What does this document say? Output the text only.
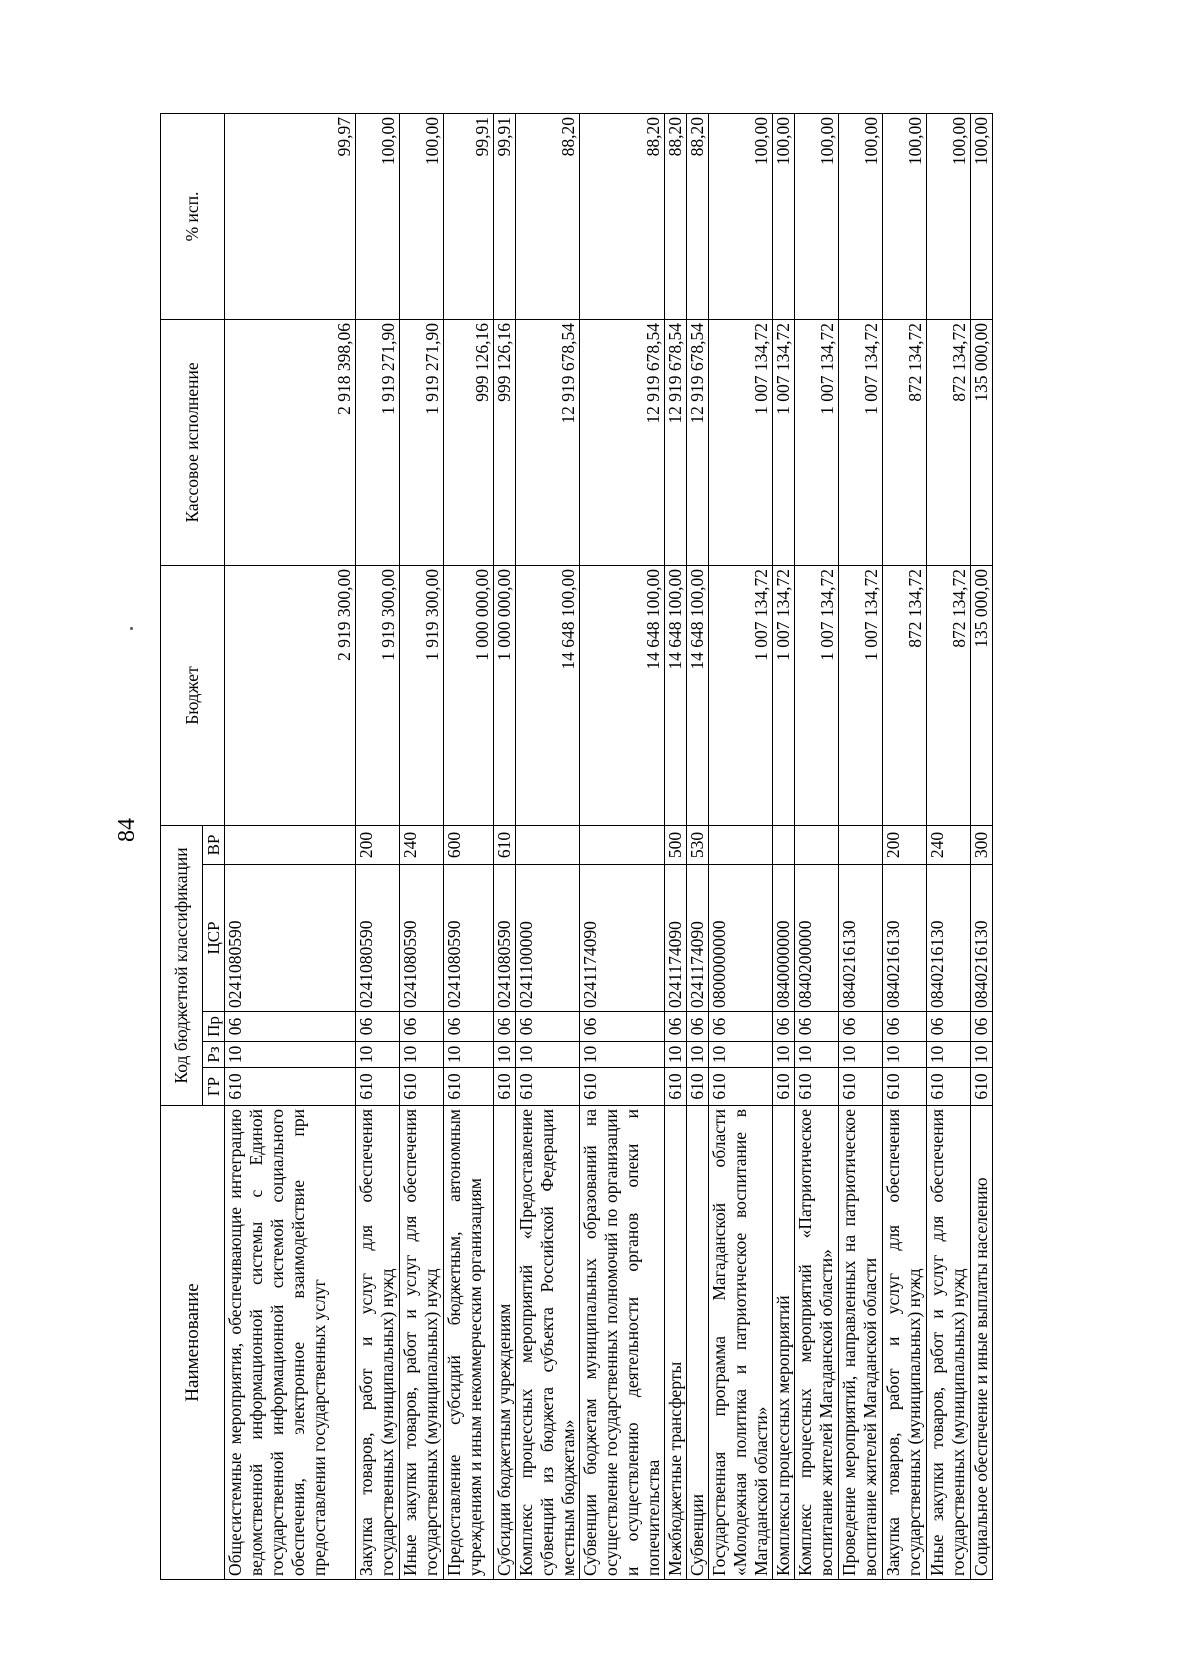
84
Наименование	Код бюджетной классификации					Бюджет	Кассовое исполнение	% исп.
	ГР	Рз	Пр	ЦСР	ВР			
Общесистемные мероприятия, обеспечивающие интеграцию ведомственной информационной системы с Единой государственной информационной системой социального обеспечения, электронное взаимодействие при предоставлении государственных услуг	610	10	06	0241080590		2 919 300,00	2 918 398,06	99,97
Закупка товаров, работ и услуг для обеспечения государственных (муниципальных) нужд	610	10	06	0241080590	200	1 919 300,00	1 919 271,90	100,00
Иные закупки товаров, работ и услуг для обеспечения государственных (муниципальных) нужд	610	10	06	0241080590	240	1 919 300,00	1 919 271,90	100,00
Предоставление субсидий бюджетным, автономным учреждениям и иным некоммерческим организациям	610	10	06	0241080590	600	1 000 000,00	999 126,16	99,91
Субсидии бюджетным учреждениям	610	10	06	0241080590	610	1 000 000,00	999 126,16	99,91
Комплекс процессных мероприятий «Предоставление субвенций из бюджета субъекта Российской Федерации местным бюджетам»	610	10	06	0241100000		14 648 100,00	12 919 678,54	88,20
Субвенции бюджетам муниципальных образований на осуществление государственных полномочий по организации и осуществлению деятельности органов опеки и попечительства	610	10	06	0241174090		14 648 100,00	12 919 678,54	88,20
Межбюджетные трансферты	610	10	06	0241174090	500	14 648 100,00	12 919 678,54	88,20
Субвенции	610	10	06	0241174090	530	14 648 100,00	12 919 678,54	88,20
Государственная программа Магаданской области «Молодежная политика и патриотическое воспитание в Магаданской области»	610	10	06	0800000000		1 007 134,72	1 007 134,72	100,00
Комплексы процессных мероприятий	610	10	06	0840000000		1 007 134,72	1 007 134,72	100,00
Комплекс процессных мероприятий «Патриотическое воспитание жителей Магаданской области»	610	10	06	0840200000		1 007 134,72	1 007 134,72	100,00
Проведение мероприятий, направленных на патриотическое воспитание жителей Магаданской области	610	10	06	0840216130		1 007 134,72	1 007 134,72	100,00
Закупка товаров, работ и услуг для обеспечения государственных (муниципальных) нужд	610	10	06	0840216130	200	872 134,72	872 134,72	100,00
Иные закупки товаров, работ и услуг для обеспечения государственных (муниципальных) нужд	610	10	06	0840216130	240	872 134,72	872 134,72	100,00
Социальное обеспечение и иные выплаты населению	610	10	06	0840216130	300	135 000,00	135 000,00	100,00
